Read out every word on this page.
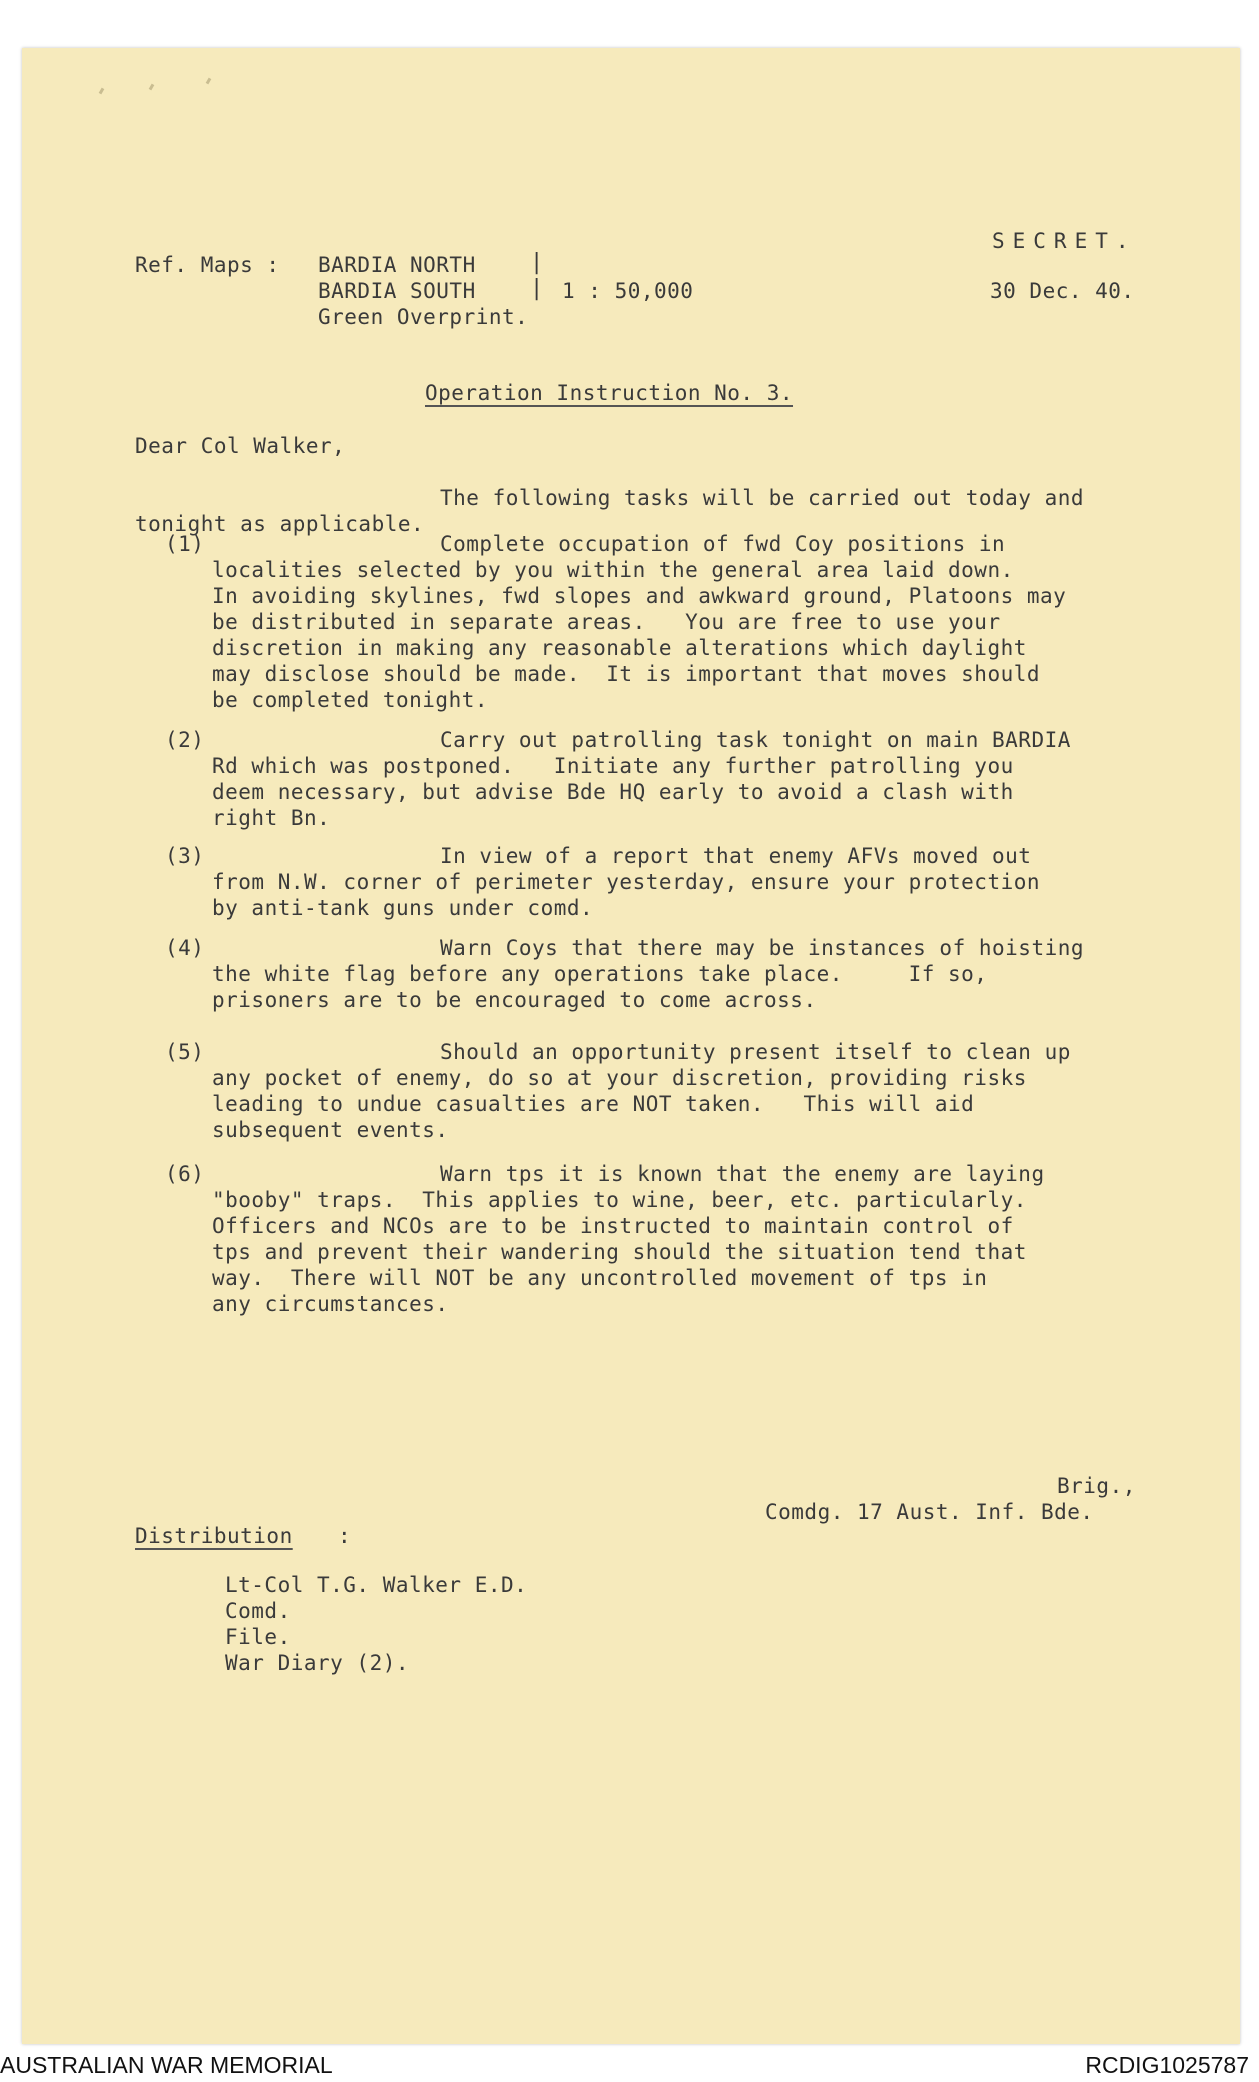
SECRET.
30 Dec. 40.
Ref. Maps : BARDIA NORTH
BARDIA SOUTH
|
| 1 : 50,000
Green Overprint.
Operation Instruction No. 3.
Dear Col Walker,
The following tasks will be carried out today and
tonight as applicable.
(1)	Complete occupation of fwd Coy positions in
localities selected by you within the general area laid down.
In avoiding skylines, fwd slopes and awkward ground, Platoons may
be distributed in separate areas.   You are free to use your
discretion in making any reasonable alterations which daylight
may disclose should be made.  It is important that moves should
be completed tonight.
(2)	Carry out patrolling task tonight on main BARDIA
Rd which was postponed.   Initiate any further patrolling you
deem necessary, but advise Bde HQ early to avoid a clash with
right Bn.
(3)	In view of a report that enemy AFVs moved out
from N.W. corner of perimeter yesterday, ensure your protection
by anti-tank guns under comd.
(4)	Warn Coys that there may be instances of hoisting
the white flag before any operations take place.     If so,
prisoners are to be encouraged to come across.
(5)	Should an opportunity present itself to clean up
any pocket of enemy, do so at your discretion, providing risks
leading to undue casualties are NOT taken.   This will aid
subsequent events.
(6)	Warn tps it is known that the enemy are laying
"booby" traps.  This applies to wine, beer, etc. particularly.
Officers and NCOs are to be instructed to maintain control of
tps and prevent their wandering should the situation tend that
way.  There will NOT be any uncontrolled movement of tps in
any circumstances.
Brig.,
Comdg. 17 Aust. Inf. Bde.
Distribution :
Lt-Col T.G. Walker E.D.
Comd.
File.
War Diary (2).
AUSTRALIAN WAR MEMORIAL	RCDIG1025787
